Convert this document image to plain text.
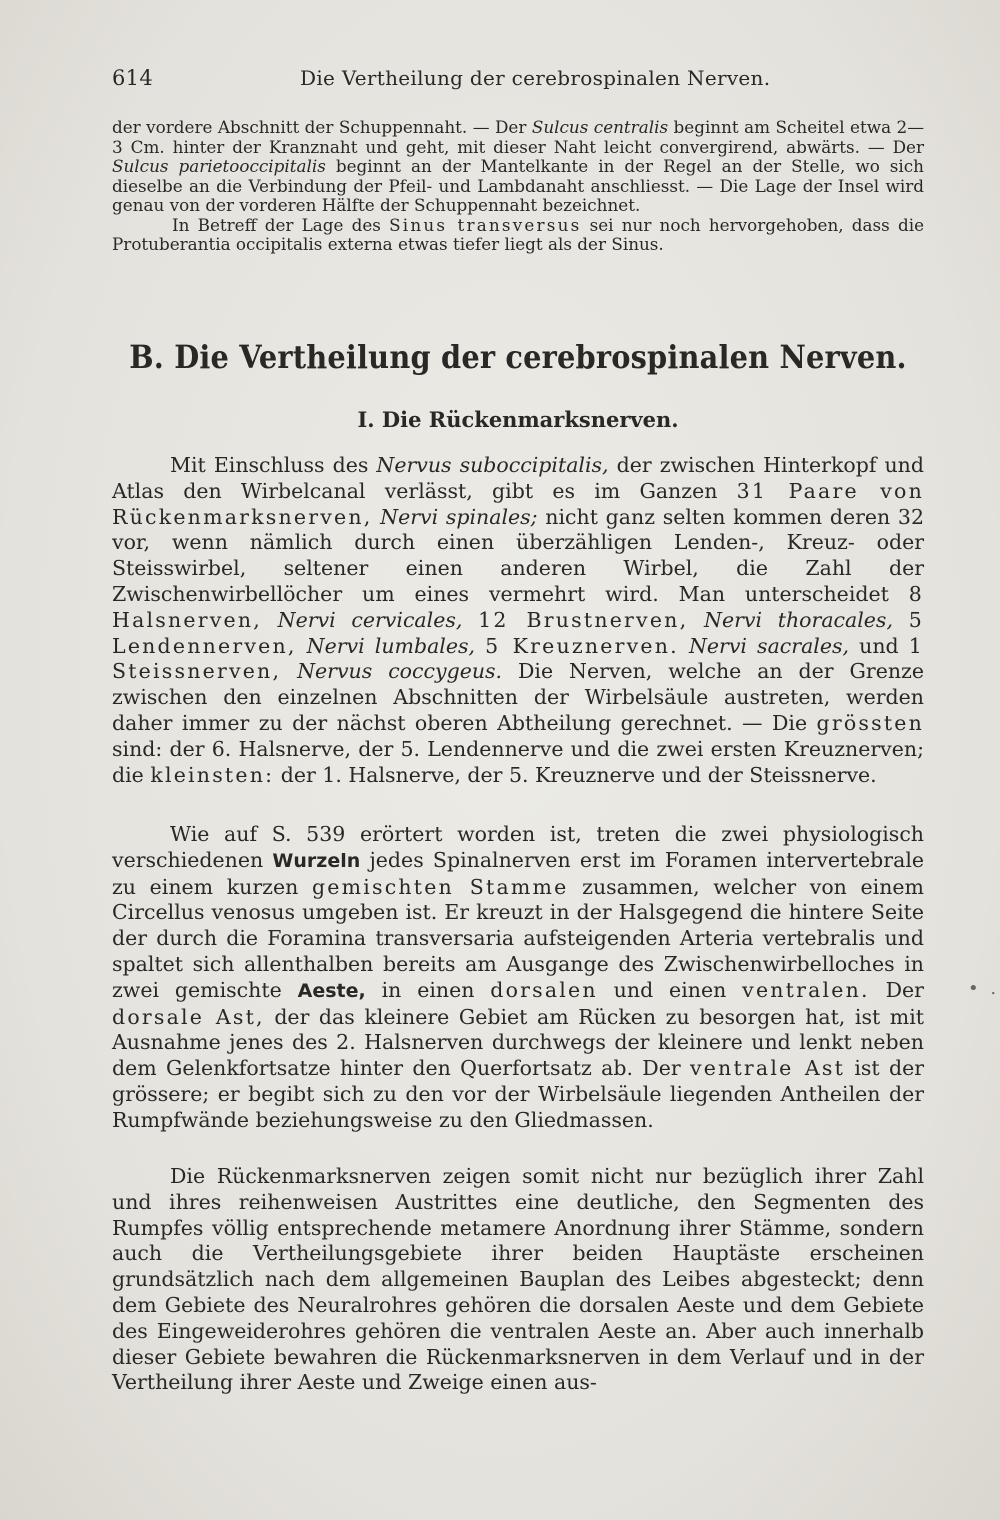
614	Die Vertheilung der cerebrospinalen Nerven.

der vordere Abschnitt der Schuppennaht. — Der Sulcus centralis beginnt am Scheitel etwa 2—3 Cm. hinter der Kranznaht und geht, mit dieser Naht leicht convergirend, abwärts. — Der Sulcus parietooccipitalis beginnt an der Mantelkante in der Regel an der Stelle, wo sich dieselbe an die Verbindung der Pfeil- und Lambdanaht anschliesst. — Die Lage der Insel wird genau von der vorderen Hälfte der Schuppennaht bezeichnet.

In Betreff der Lage des Sinus transversus sei nur noch hervorgehoben, dass die Protuberantia occipitalis externa etwas tiefer liegt als der Sinus.

B. Die Vertheilung der cerebrospinalen Nerven.
I. Die Rückenmarksnerven.

Mit Einschluss des Nervus suboccipitalis, der zwischen Hinterkopf und Atlas den Wirbelcanal verlässt, gibt es im Ganzen 31 Paare von Rückenmarksnerven, Nervi spinales; nicht ganz selten kommen deren 32 vor, wenn nämlich durch einen überzähligen Lenden-, Kreuz- oder Steisswirbel, seltener einen anderen Wirbel, die Zahl der Zwischenwirbellöcher um eines vermehrt wird. Man unterscheidet 8 Halsnerven, Nervi cervicales, 12 Brustnerven, Nervi thoracales, 5 Lendennerven, Nervi lumbales, 5 Kreuznerven. Nervi sacrales, und 1 Steissnerven, Nervus coccygeus. Die Nerven, welche an der Grenze zwischen den einzelnen Abschnitten der Wirbelsäule austreten, werden daher immer zu der nächst oberen Abtheilung gerechnet. — Die grössten sind: der 6. Halsnerve, der 5. Lendennerve und die zwei ersten Kreuznerven; die kleinsten: der 1. Halsnerve, der 5. Kreuznerve und der Steissnerve.

Wie auf S. 539 erörtert worden ist, treten die zwei physiologisch verschiedenen Wurzeln jedes Spinalnerven erst im Foramen intervertebrale zu einem kurzen gemischten Stamme zusammen, welcher von einem Circellus venosus umgeben ist. Er kreuzt in der Halsgegend die hintere Seite der durch die Foramina transversaria aufsteigenden Arteria vertebralis und spaltet sich allenthalben bereits am Ausgange des Zwischenwirbelloches in zwei gemischte Aeste, in einen dorsalen und einen ventralen. Der dorsale Ast, der das kleinere Gebiet am Rücken zu besorgen hat, ist mit Ausnahme jenes des 2. Halsnerven durchwegs der kleinere und lenkt neben dem Gelenkfortsatze hinter den Querfortsatz ab. Der ventrale Ast ist der grössere; er begibt sich zu den vor der Wirbelsäule liegenden Antheilen der Rumpfwände beziehungsweise zu den Gliedmassen.

Die Rückenmarksnerven zeigen somit nicht nur bezüglich ihrer Zahl und ihres reihenweisen Austrittes eine deutliche, den Segmenten des Rumpfes völlig entsprechende metamere Anordnung ihrer Stämme, sondern auch die Vertheilungsgebiete ihrer beiden Hauptäste erscheinen grundsätzlich nach dem allgemeinen Bauplan des Leibes abgesteckt; denn dem Gebiete des Neuralrohres gehören die dorsalen Aeste und dem Gebiete des Eingeweiderohres gehören die ventralen Aeste an. Aber auch innerhalb dieser Gebiete bewahren die Rückenmarksnerven in dem Verlauf und in der Vertheilung ihrer Aeste und Zweige einen aus-

• .
